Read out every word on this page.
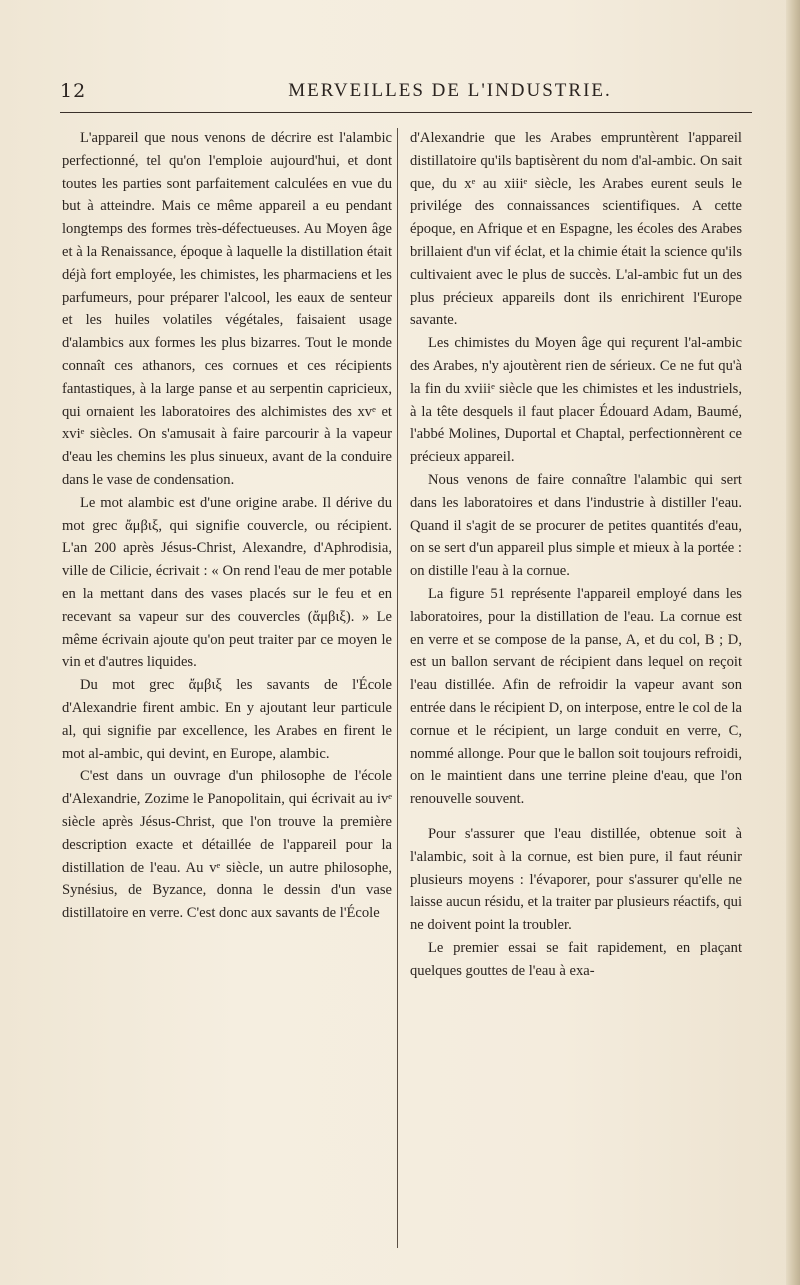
12	MERVEILLES DE L'INDUSTRIE.

L'appareil que nous venons de décrire est l'alambic perfectionné, tel qu'on l'emploie aujourd'hui, et dont toutes les parties sont parfaitement calculées en vue du but à atteindre. Mais ce même appareil a eu pendant longtemps des formes très-défectueuses. Au Moyen âge et à la Renaissance, époque à laquelle la distillation était déjà fort employée, les chimistes, les pharmaciens et les parfumeurs, pour préparer l'alcool, les eaux de senteur et les huiles volatiles végétales, faisaient usage d'alambics aux formes les plus bizarres. Tout le monde connaît ces athanors, ces cornues et ces récipients fantastiques, à la large panse et au serpentin capricieux, qui ornaient les laboratoires des alchimistes des xvᵉ et xviᵉ siècles. On s'amusait à faire parcourir à la vapeur d'eau les chemins les plus sinueux, avant de la conduire dans le vase de condensation.

Le mot alambic est d'une origine arabe. Il dérive du mot grec ἄμβιξ, qui signifie couvercle, ou récipient. L'an 200 après Jésus-Christ, Alexandre, d'Aphrodisia, ville de Cilicie, écrivait : « On rend l'eau de mer potable en la mettant dans des vases placés sur le feu et en recevant sa vapeur sur des couvercles (ἄμβιξ). » Le même écrivain ajoute qu'on peut traiter par ce moyen le vin et d'autres liquides.

Du mot grec ἄμβιξ les savants de l'École d'Alexandrie firent ambic. En y ajoutant leur particule al, qui signifie par excellence, les Arabes en firent le mot al-ambic, qui devint, en Europe, alambic.

C'est dans un ouvrage d'un philosophe de l'école d'Alexandrie, Zozime le Panopolitain, qui écrivait au ivᵉ siècle après Jésus-Christ, que l'on trouve la première description exacte et détaillée de l'appareil pour la distillation de l'eau. Au vᵉ siècle, un autre philosophe, Synésius, de Byzance, donna le dessin d'un vase distillatoire en verre. C'est donc aux savants de l'École

d'Alexandrie que les Arabes empruntèrent l'appareil distillatoire qu'ils baptisèrent du nom d'al-ambic. On sait que, du xᵉ au xiiiᵉ siècle, les Arabes eurent seuls le privilége des connaissances scientifiques. A cette époque, en Afrique et en Espagne, les écoles des Arabes brillaient d'un vif éclat, et la chimie était la science qu'ils cultivaient avec le plus de succès. L'al-ambic fut un des plus précieux appareils dont ils enrichirent l'Europe savante.

Les chimistes du Moyen âge qui reçurent l'al-ambic des Arabes, n'y ajoutèrent rien de sérieux. Ce ne fut qu'à la fin du xviiiᵉ siècle que les chimistes et les industriels, à la tête desquels il faut placer Édouard Adam, Baumé, l'abbé Molines, Duportal et Chaptal, perfectionnèrent ce précieux appareil.

Nous venons de faire connaître l'alambic qui sert dans les laboratoires et dans l'industrie à distiller l'eau. Quand il s'agit de se procurer de petites quantités d'eau, on se sert d'un appareil plus simple et mieux à la portée : on distille l'eau à la cornue.

La figure 51 représente l'appareil employé dans les laboratoires, pour la distillation de l'eau. La cornue est en verre et se compose de la panse, A, et du col, B ; D, est un ballon servant de récipient dans lequel on reçoit l'eau distillée. Afin de refroidir la vapeur avant son entrée dans le récipient D, on interpose, entre le col de la cornue et le récipient, un large conduit en verre, C, nommé allonge. Pour que le ballon soit toujours refroidi, on le maintient dans une terrine pleine d'eau, que l'on renouvelle souvent.

Pour s'assurer que l'eau distillée, obtenue soit à l'alambic, soit à la cornue, est bien pure, il faut réunir plusieurs moyens : l'évaporer, pour s'assurer qu'elle ne laisse aucun résidu, et la traiter par plusieurs réactifs, qui ne doivent point la troubler.

Le premier essai se fait rapidement, en plaçant quelques gouttes de l'eau à exa-
